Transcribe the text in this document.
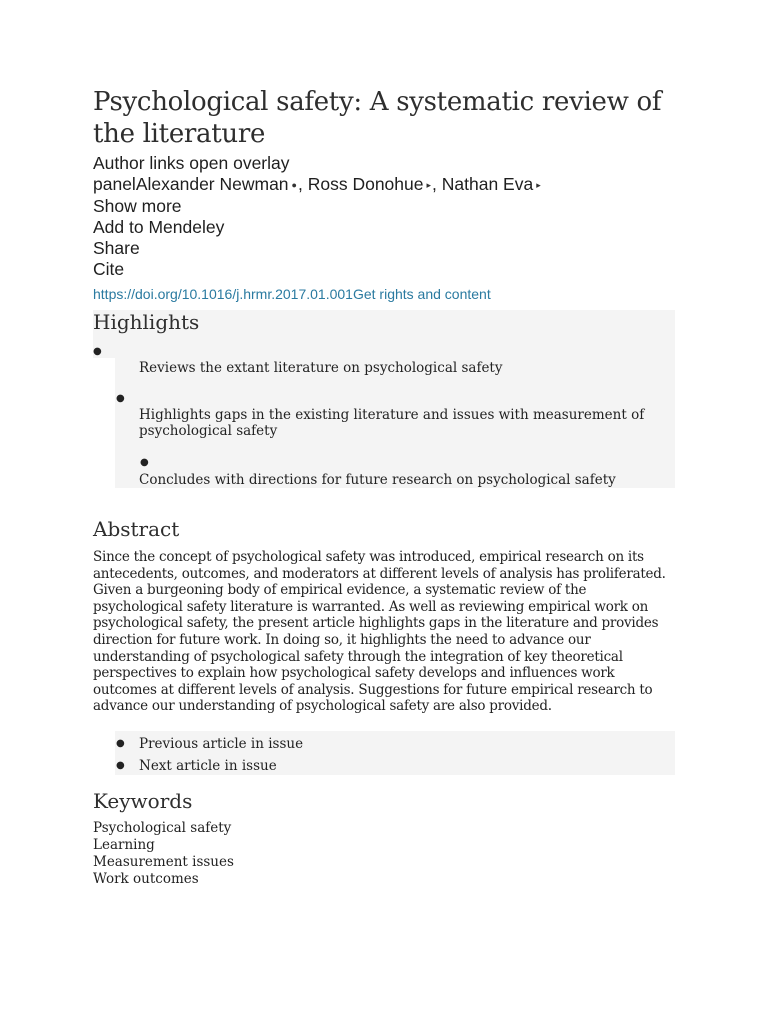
Psychological safety: A systematic review of the literature
Author links open overlay
panelAlexander Newman ●, Ross Donohue ▸, Nathan Eva ▸
Show more
Add to Mendeley
Share
Cite
https://doi.org/10.1016/j.hrmr.2017.01.001Get rights and content
Highlights
●
Reviews the extant literature on psychological safety
●
Highlights gaps in the existing literature and issues with measurement of psychological safety
●
Concludes with directions for future research on psychological safety
Abstract
Since the concept of psychological safety was introduced, empirical research on its antecedents, outcomes, and moderators at different levels of analysis has proliferated. Given a burgeoning body of empirical evidence, a systematic review of the psychological safety literature is warranted. As well as reviewing empirical work on psychological safety, the present article highlights gaps in the literature and provides direction for future work. In doing so, it highlights the need to advance our understanding of psychological safety through the integration of key theoretical perspectives to explain how psychological safety develops and influences work outcomes at different levels of analysis. Suggestions for future empirical research to advance our understanding of psychological safety are also provided.
● Previous article in issue
● Next article in issue
Keywords
Psychological safety
Learning
Measurement issues
Work outcomes
